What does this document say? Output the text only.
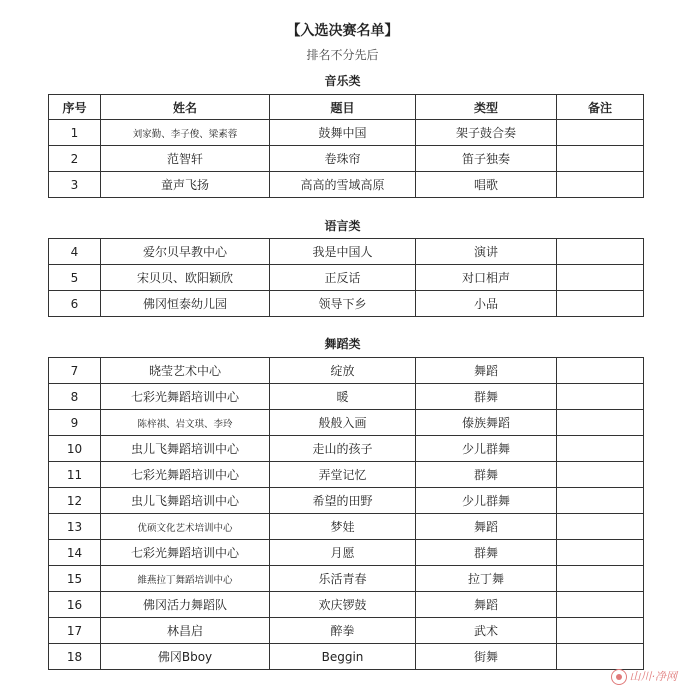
【入选决赛名单】
排名不分先后
音乐类
序号	姓名	题目	类型	备注
1	刘家勤、李子俊、梁素蓉	鼓舞中国	架子鼓合奏	
2	范智轩	卷珠帘	笛子独奏	
3	童声飞扬	高高的雪域高原	唱歌	
语言类
4	爱尔贝早教中心	我是中国人	演讲	
5	宋贝贝、欧阳颖欣	正反话	对口相声	
6	佛冈恒泰幼儿园	领导下乡	小品	
舞蹈类
7	晓莹艺术中心	绽放	舞蹈	
8	七彩光舞蹈培训中心	暖	群舞	
9	陈梓祺、岩文琪、李玲	般般入画	傣族舞蹈	
10	虫儿飞舞蹈培训中心	走山的孩子	少儿群舞	
11	七彩光舞蹈培训中心	弄堂记忆	群舞	
12	虫儿飞舞蹈培训中心	希望的田野	少儿群舞	
13	优硕文化艺术培训中心	梦娃	舞蹈	
14	七彩光舞蹈培训中心	月愿	群舞	
15	維燕拉丁舞蹈培训中心	乐活青春	拉丁舞	
16	佛冈活力舞蹈队	欢庆锣鼓	舞蹈	
17	林昌启	醉拳	武术	
18	佛冈Bboy	Beggin	街舞	
山川·净网
